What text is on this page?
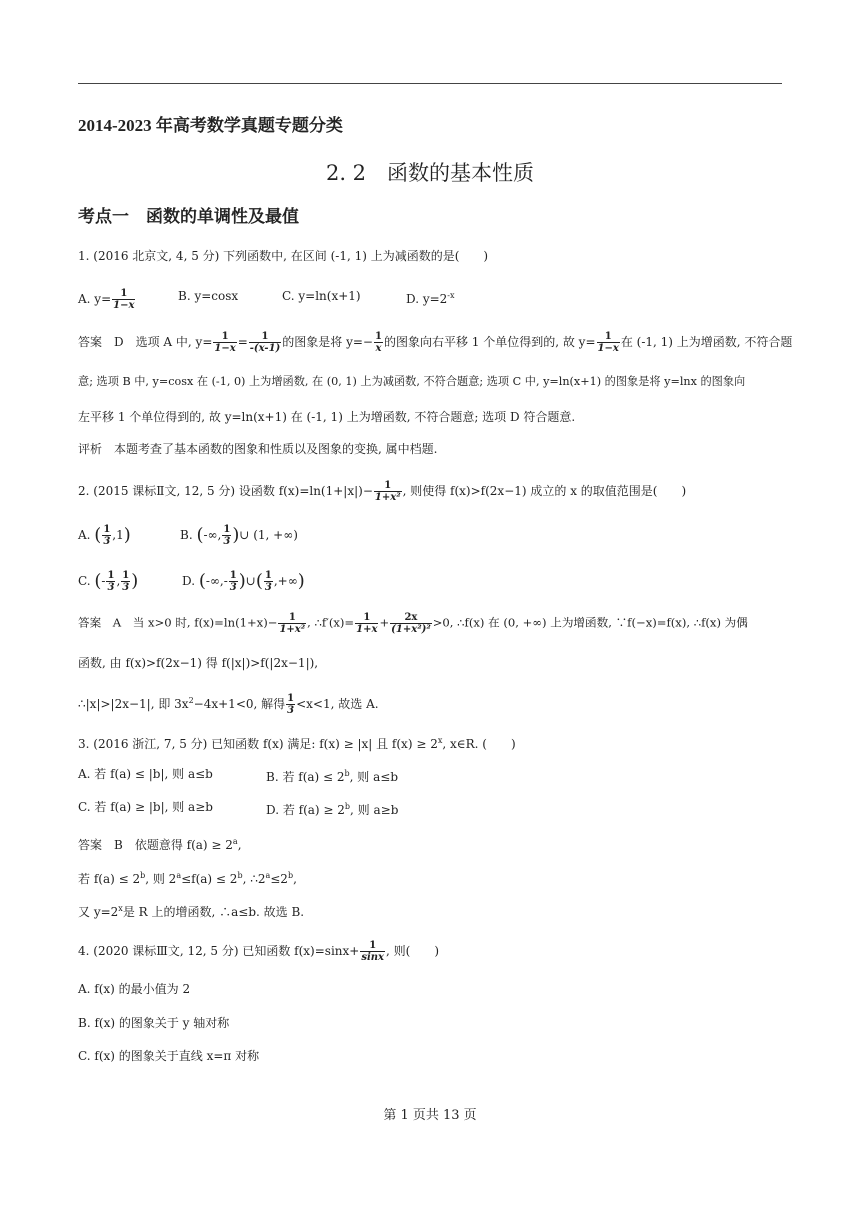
2014-2023 年高考数学真题专题分类
2. 2　函数的基本性质
考点一　函数的单调性及最值
1. (2016 北京文, 4, 5 分) 下列函数中, 在区间 (-1, 1) 上为减函数的是(　　)
A. $y= \frac{1}{1-x}$	B. y=cosx	C. y=ln(x+1)	D. $y=2^{-x}$
答案　D　选项 A 中, $y= \frac{1}{1-x} = \frac{1}{-(x-1)}$ 的图象是将 $y=- \frac{1}{x}$ 的图象向右平移 1 个单位得到的, 故 $y= \frac{1}{1-x}$ 在 (-1, 1) 上为增函数, 不符合题
意; 选项 B 中, y=cosx 在 (-1, 0) 上为增函数, 在 (0, 1) 上为减函数, 不符合题意; 选项 C 中, y=ln(x+1) 的图象是将 y=lnx 的图象向
左平移 1 个单位得到的, 故 y=ln(x+1) 在 (-1, 1) 上为增函数, 不符合题意; 选项 D 符合题意.
评析　本题考查了基本函数的图象和性质以及图象的变换, 属中档题.
2. (2015 课标Ⅱ文, 12, 5 分) 设函数 $f(x)=\ln(1+|x|)- \frac{1}{\text{1+x²}}$ , 则使得 f(x)>f(2x−1) 成立的 x 的取值范围是(　　)
A. ( $\frac{1}{3} ,1$)	B. (-∞, $\frac{1}{3}$ )∪ (1, +∞)
C. (- $\frac{1}{3}$ , $\frac{1}{3}$ )	D. (-∞,- $\frac{1}{3}$ )∪( $\frac{1}{3}$ ,+∞)
答案　A　当 x>0 时, $f(x)=\ln(1+x)- \frac{1}{\text{1+x²}}$ , ∴f′(x)= $\frac{1}{1+x} + \frac{2x}{\text{(1+x²)²}} >0$, ∴f(x) 在 (0, +∞) 上为增函数, ∵f(−x)=f(x), ∴f(x) 为偶
函数, 由 f(x)>f(2x−1) 得 f(|x|)>f(|2x−1|),
∴|x|>|2x−1|, 即 $3x^2-4x+1<0$, 解得 $\frac{1}{3} <x<1$, 故选 A.
3. (2016 浙江, 7, 5 分) 已知函数 f(x) 满足: f(x) ≥ |x| 且 $f(x) \ge 2^x$, x∈R. (　　)
A. 若 f(a) ≤ |b|, 则 a≤b	B. 若 $f(a) \le 2^b$, 则 a≤b
C. 若 f(a) ≥ |b|, 则 a≥b	D. 若 $f(a) \ge 2^b$, 则 a≥b
答案　B　依题意得 $f(a) \ge 2^a$,
若 $f(a) \le 2^b$, 则 $2^a\le f(a) \le 2^b$, $\therefore 2^a\le 2^b$,
又 $y=2^x$是 R 上的增函数, ∴a≤b. 故选 B.
4. (2020 课标Ⅲ文, 12, 5 分) 已知函数 $f(x)=\sin x+ \frac{1}{\sin x}$ , 则(　　)
A. f(x) 的最小值为 2
B. f(x) 的图象关于 y 轴对称
C. f(x) 的图象关于直线 x=π 对称
第 1 页共 13 页
